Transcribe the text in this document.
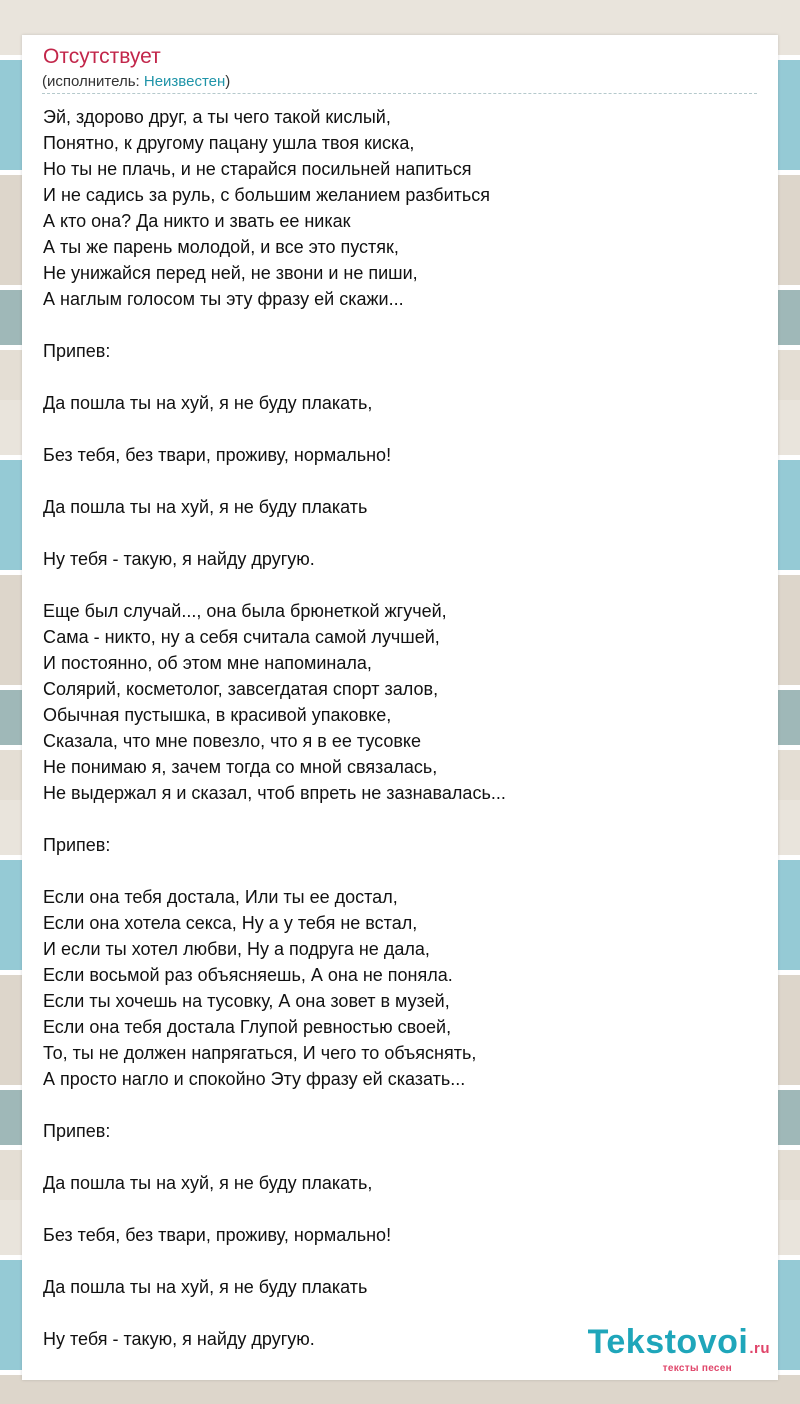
Отсутствует
(исполнитель: Неизвестен)
Эй, здорово друг, а ты чего такой кислый,
Понятно, к другому пацану ушла твоя киска,
Но ты не плачь, и не старайся посильней напиться
И не садись за руль, с большим желанием разбиться
А кто она? Да никто и звать ее никак
А ты же парень молодой, и все это пустяк,
Не унижайся перед ней, не звони и не пиши,
А наглым голосом ты эту фразу ей скажи...
Припев:
Да пошла ты на хуй, я не буду плакать,
Без тебя, без твари, проживу, нормально!
Да пошла ты на хуй, я не буду плакать
Ну тебя - такую, я найду другую.
Еще был случай..., она была брюнеткой жгучей,
Сама - никто, ну а себя считала самой лучшей,
И постоянно, об этом мне напоминала,
Солярий, косметолог, завсегдатая спорт залов,
Обычная пустышка, в красивой упаковке,
Сказала, что мне повезло, что я в ее тусовке
Не понимаю я, зачем тогда со мной связалась,
Не выдержал я и сказал, чтоб впреть не зазнавалась...
Припев:
Если она тебя достала, Или ты ее достал,
Если она хотела секса, Ну а у тебя не встал,
И если ты хотел любви, Ну а подруга не дала,
Если восьмой раз объясняешь, А она не поняла.
Если ты хочешь на тусовку, А она зовет в музей,
Если она тебя достала Глупой ревностью своей,
То, ты не должен напрягаться, И чего то объяснять,
А просто нагло и спокойно Эту фразу ей сказать...
Припев:
Да пошла ты на хуй, я не буду плакать,
Без тебя, без твари, проживу, нормально!
Да пошла ты на хуй, я не буду плакать
Ну тебя - такую, я найду другую.	Tekstovoi.ru
тексты песен
